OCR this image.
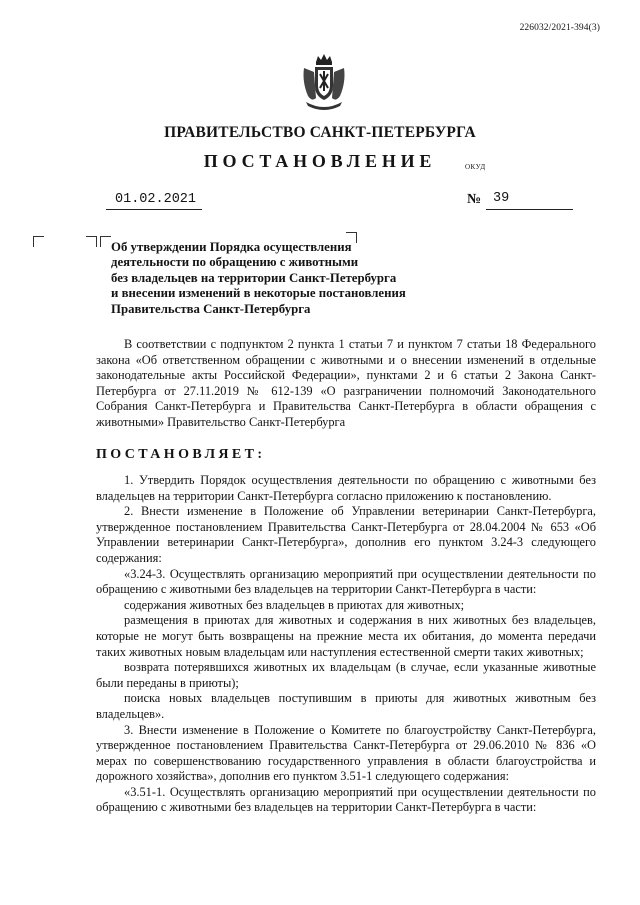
226032/2021-394(3)
ПРАВИТЕЛЬСТВО САНКТ-ПЕТЕРБУРГА
ПОСТАНОВЛЕНИЕ	ОКУД
01.02.2021	№ 39
Об утверждении Порядка осуществления
деятельности по обращению с животными
без владельцев на территории Санкт-Петербурга
и внесении изменений в некоторые постановления
Правительства Санкт-Петербурга
В соответствии с подпунктом 2 пункта 1 статьи 7 и пунктом 7 статьи 18 Федерального закона «Об ответственном обращении с животными и о внесении изменений в отдельные законодательные акты Российской Федерации», пунктами 2 и 6 статьи 2 Закона Санкт-Петербурга от 27.11.2019 № 612-139 «О разграничении полномочий Законодательного Собрания Санкт-Петербурга и Правительства Санкт-Петербурга в области обращения с животными» Правительство Санкт-Петербурга
ПОСТАНОВЛЯЕТ:
1. Утвердить Порядок осуществления деятельности по обращению с животными без владельцев на территории Санкт-Петербурга согласно приложению к постановлению.
2. Внести изменение в Положение об Управлении ветеринарии Санкт-Петербурга, утвержденное постановлением Правительства Санкт-Петербурга от 28.04.2004 № 653 «Об Управлении ветеринарии Санкт-Петербурга», дополнив его пунктом 3.24-3 следующего содержания:
«3.24-3. Осуществлять организацию мероприятий при осуществлении деятельности по обращению с животными без владельцев на территории Санкт-Петербурга в части:
содержания животных без владельцев в приютах для животных;
размещения в приютах для животных и содержания в них животных без владельцев, которые не могут быть возвращены на прежние места их обитания, до момента передачи таких животных новым владельцам или наступления естественной смерти таких животных;
возврата потерявшихся животных их владельцам (в случае, если указанные животные были переданы в приюты);
поиска новых владельцев поступившим в приюты для животных животным без владельцев».
3. Внести изменение в Положение о Комитете по благоустройству Санкт-Петербурга, утвержденное постановлением Правительства Санкт-Петербурга от 29.06.2010 № 836 «О мерах по совершенствованию государственного управления в области благоустройства и дорожного хозяйства», дополнив его пунктом 3.51-1 следующего содержания:
«3.51-1. Осуществлять организацию мероприятий при осуществлении деятельности по обращению с животными без владельцев на территории Санкт-Петербурга в части:
